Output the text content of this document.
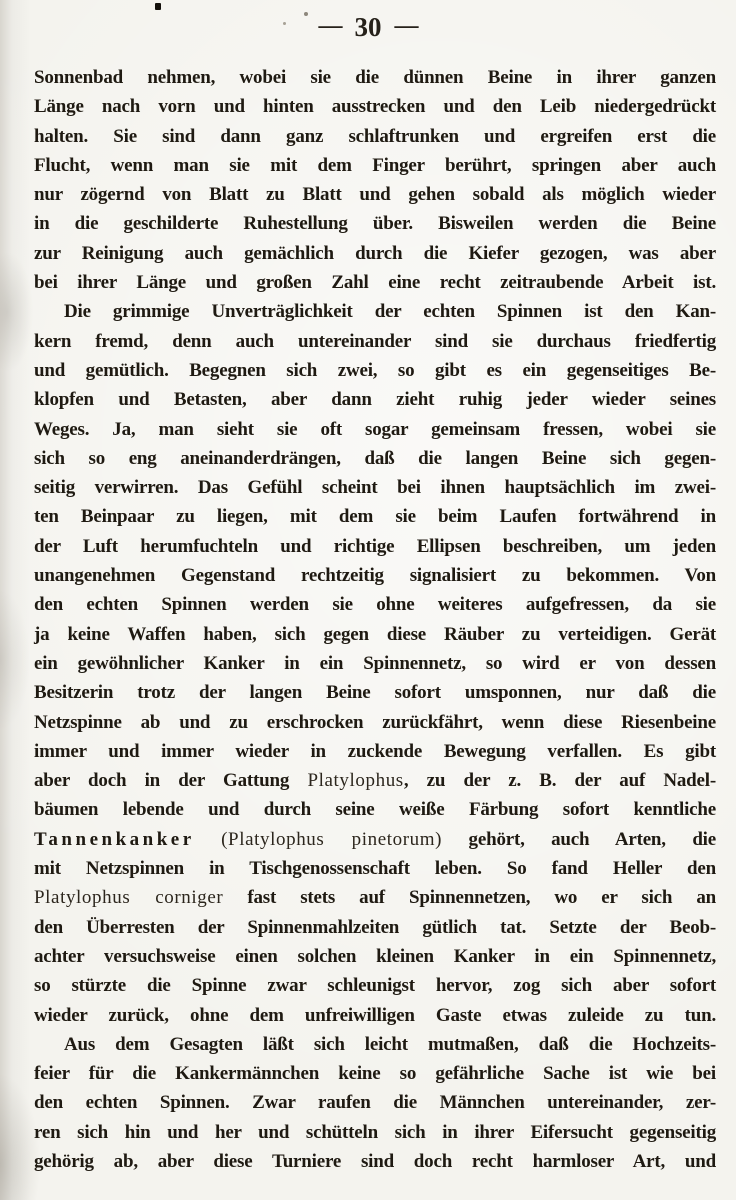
— 30 —
Sonnenbad nehmen, wobei sie die dünnen Beine in ihrer ganzen
Länge nach vorn und hinten ausstrecken und den Leib niedergedrückt
halten. Sie sind dann ganz schlaftrunken und ergreifen erst die
Flucht, wenn man sie mit dem Finger berührt, springen aber auch
nur zögernd von Blatt zu Blatt und gehen sobald als möglich wieder
in die geschilderte Ruhestellung über. Bisweilen werden die Beine
zur Reinigung auch gemächlich durch die Kiefer gezogen, was aber
bei ihrer Länge und großen Zahl eine recht zeitraubende Arbeit ist.
Die grimmige Unverträglichkeit der echten Spinnen ist den Kan-
kern fremd, denn auch untereinander sind sie durchaus friedfertig
und gemütlich. Begegnen sich zwei, so gibt es ein gegenseitiges Be-
klopfen und Betasten, aber dann zieht ruhig jeder wieder seines
Weges. Ja, man sieht sie oft sogar gemeinsam fressen, wobei sie
sich so eng aneinanderdrängen, daß die langen Beine sich gegen-
seitig verwirren. Das Gefühl scheint bei ihnen hauptsächlich im zwei-
ten Beinpaar zu liegen, mit dem sie beim Laufen fortwährend in
der Luft herumfuchteln und richtige Ellipsen beschreiben, um jeden
unangenehmen Gegenstand rechtzeitig signalisiert zu bekommen. Von
den echten Spinnen werden sie ohne weiteres aufgefressen, da sie
ja keine Waffen haben, sich gegen diese Räuber zu verteidigen. Gerät
ein gewöhnlicher Kanker in ein Spinnennetz, so wird er von dessen
Besitzerin trotz der langen Beine sofort umsponnen, nur daß die
Netzspinne ab und zu erschrocken zurückfährt, wenn diese Riesenbeine
immer und immer wieder in zuckende Bewegung verfallen. Es gibt
aber doch in der Gattung Platylophus, zu der z. B. der auf Nadel-
bäumen lebende und durch seine weiße Färbung sofort kenntliche
Tannenkanker (Platylophus pinetorum) gehört, auch Arten, die
mit Netzspinnen in Tischgenossenschaft leben. So fand Heller den
Platylophus corniger fast stets auf Spinnennetzen, wo er sich an
den Überresten der Spinnenmahlzeiten gütlich tat. Setzte der Beob-
achter versuchsweise einen solchen kleinen Kanker in ein Spinnennetz,
so stürzte die Spinne zwar schleunigst hervor, zog sich aber sofort
wieder zurück, ohne dem unfreiwilligen Gaste etwas zuleide zu tun.
Aus dem Gesagten läßt sich leicht mutmaßen, daß die Hochzeits-
feier für die Kankermännchen keine so gefährliche Sache ist wie bei
den echten Spinnen. Zwar raufen die Männchen untereinander, zer-
ren sich hin und her und schütteln sich in ihrer Eifersucht gegenseitig
gehörig ab, aber diese Turniere sind doch recht harmloser Art, und
